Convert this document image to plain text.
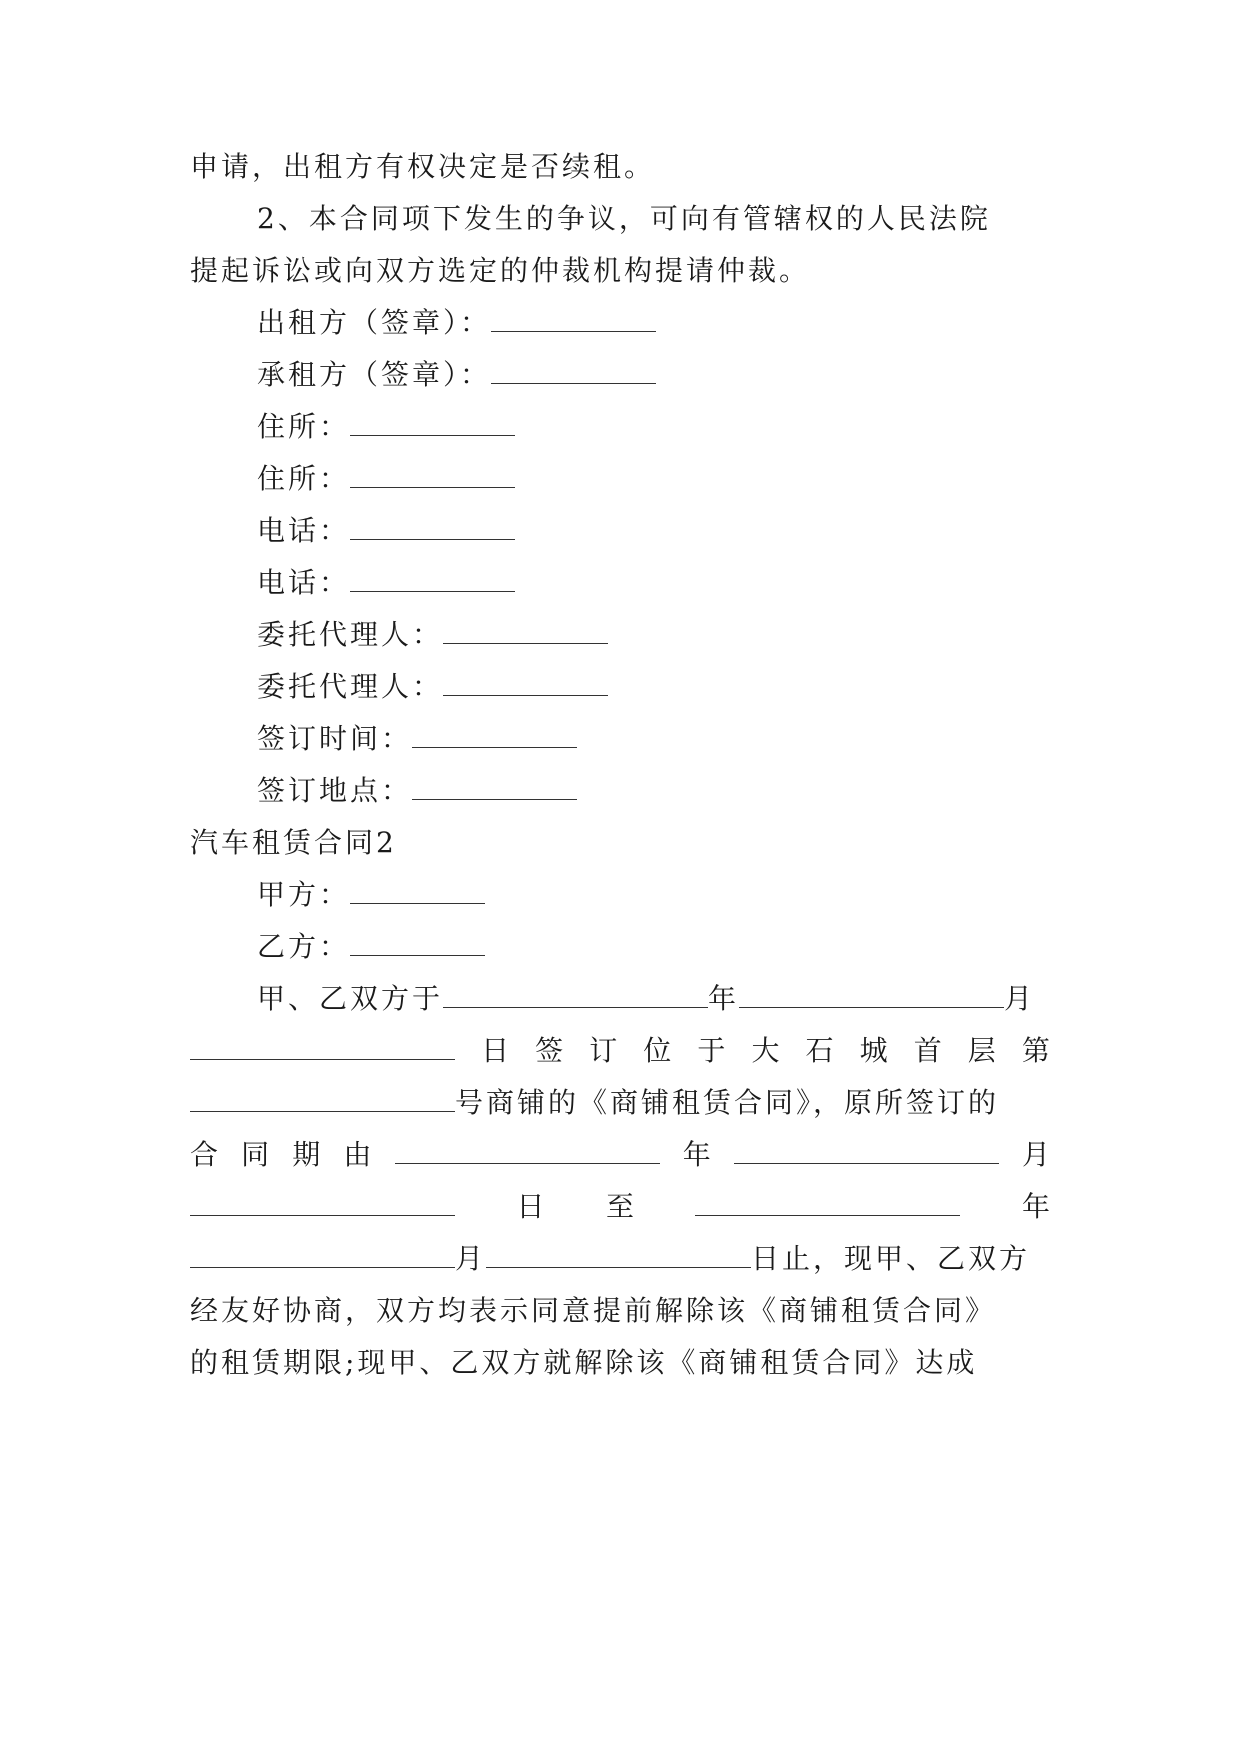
申请，出租方有权决定是否续租。
2、本合同项下发生的争议，可向有管辖权的人民法院
提起诉讼或向双方选定的仲裁机构提请仲裁。
出租方（签章）：
承租方（签章）：
住所：
住所：
电话：
电话：
委托代理人：
委托代理人：
签订时间：
签订地点：
汽车租赁合同2
甲方：
乙方：
甲、乙双方于	年	月
日 签 订 位 于 大 石 城 首 层 第
号商铺的《商铺租赁合同》，原所签订的
合 同 期 由	年	月
日 至	年
月	日止，现甲、乙双方
经友好协商，双方均表示同意提前解除该《商铺租赁合同》
的租赁期限;现甲、乙双方就解除该《商铺租赁合同》达成
